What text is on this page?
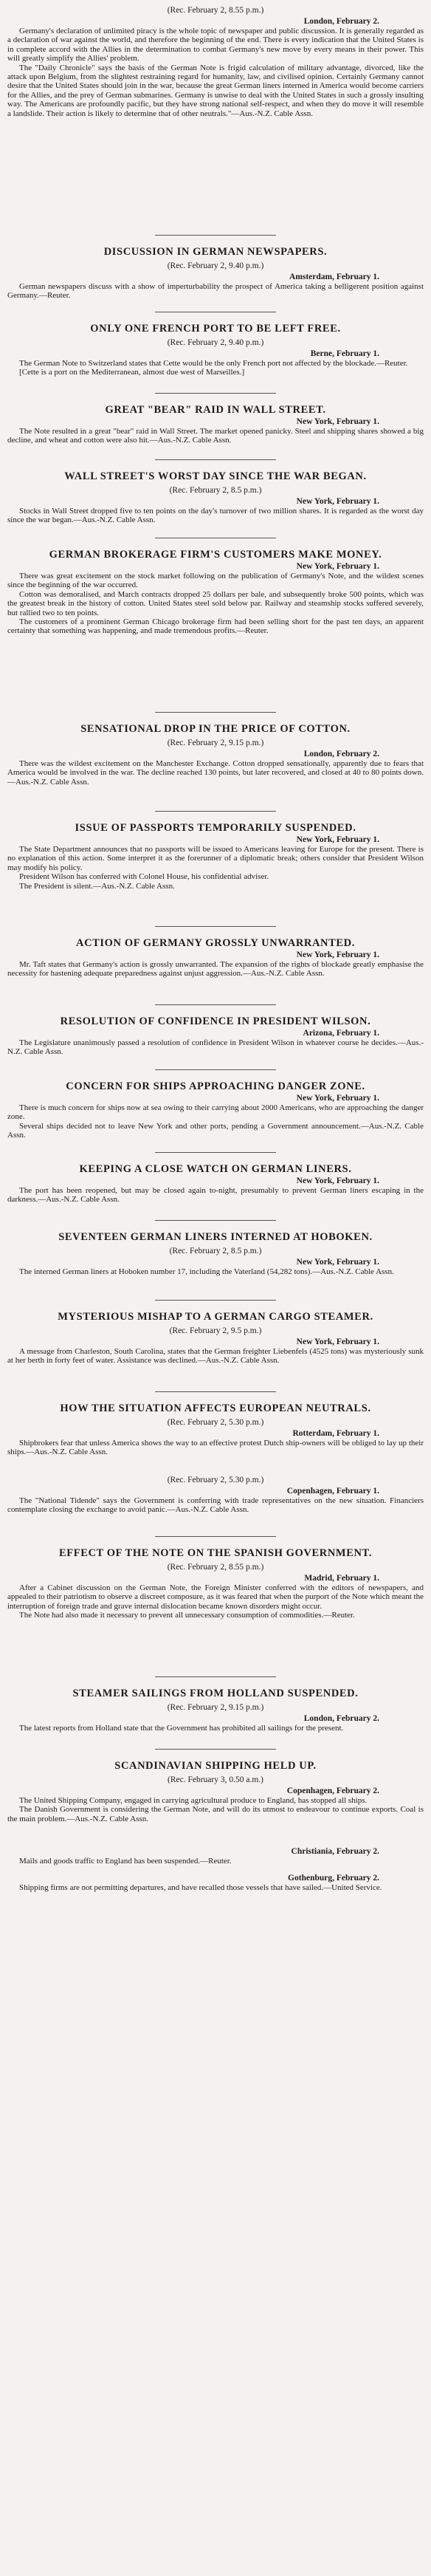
(Rec. February 2, 8.55 p.m.)

London, February 2.

Germany's declaration of unlimited piracy is the whole topic of newspaper and public discussion. It is generally regarded as a declaration of war against the world, and therefore the beginning of the end. There is every indication that the United States is in complete accord with the Allies in the determination to combat Germany's new move by every means in their power. This will greatly simplify the Allies' problem.

The "Daily Chronicle" says the basis of the German Note is frigid calculation of military advantage, divorced, like the attack upon Belgium, from the slightest restraining regard for humanity, law, and civilised opinion. Certainly Germany cannot desire that the United States should join in the war, because the great German liners interned in America would become carriers for the Allies, and the prey of German submarines. Germany is unwise to deal with the United States in such a grossly insulting way. The Americans are profoundly pacific, but they have strong national self-respect, and when they do move it will resemble a landslide. Their action is likely to determine that of other neutrals."—Aus.-N.Z. Cable Assn.

DISCUSSION IN GERMAN NEWSPAPERS.

(Rec. February 2, 9.40 p.m.)

Amsterdam, February 1.

German newspapers discuss with a show of imperturbability the prospect of America taking a belligerent position against Germany.—Reuter.

ONLY ONE FRENCH PORT TO BE LEFT FREE.

(Rec. February 2, 9.40 p.m.)

Berne, February 1.

The German Note to Switzerland states that Cette would be the only French port not affected by the blockade.—Reuter.

[Cette is a port on the Mediterranean, almost due west of Marseilles.]

GREAT "BEAR" RAID IN WALL STREET.

New York, February 1.

The Note resulted in a great "bear" raid in Wall Street. The market opened panicky. Steel and shipping shares showed a big decline, and wheat and cotton were also hit.—Aus.-N.Z. Cable Assn.

WALL STREET'S WORST DAY SINCE THE WAR BEGAN.

(Rec. February 2, 8.5 p.m.)

New York, February 1.

Stocks in Wall Street dropped five to ten points on the day's turnover of two million shares. It is regarded as the worst day since the war began.—Aus.-N.Z. Cable Assn.

GERMAN BROKERAGE FIRM'S CUSTOMERS MAKE MONEY.

New York, February 1.

There was great excitement on the stock market following on the publication of Germany's Note, and the wildest scenes since the beginning of the war occurred.

Cotton was demoralised, and March contracts dropped 25 dollars per bale, and subsequently broke 500 points, which was the greatest break in the history of cotton. United States steel sold below par. Railway and steamship stocks suffered severely, but rallied two to ten points.

The customers of a prominent German Chicago brokerage firm had been selling short for the past ten days, an apparent certainty that something was happening, and made tremendous profits.—Reuter.

SENSATIONAL DROP IN THE PRICE OF COTTON.

(Rec. February 2, 9.15 p.m.)

London, February 2.

There was the wildest excitement on the Manchester Exchange. Cotton dropped sensationally, apparently due to fears that America would be involved in the war. The decline reached 130 points, but later recovered, and closed at 40 to 80 points down.—Aus.-N.Z. Cable Assn.

ISSUE OF PASSPORTS TEMPORARILY SUSPENDED.

New York, February 1.

The State Department announces that no passports will be issued to Americans leaving for Europe for the present. There is no explanation of this action. Some interpret it as the forerunner of a diplomatic break; others consider that President Wilson may modify his policy.

President Wilson has conferred with Colonel House, his confidential adviser.

The President is silent.—Aus.-N.Z. Cable Assn.

ACTION OF GERMANY GROSSLY UNWARRANTED.

New York, February 1.

Mr. Taft states that Germany's action is grossly unwarranted. The expansion of the rights of blockade greatly emphasise the necessity for hastening adequate preparedness against unjust aggression.—Aus.-N.Z. Cable Assn.

RESOLUTION OF CONFIDENCE IN PRESIDENT WILSON.

Arizona, February 1.

The Legislature unanimously passed a resolution of confidence in President Wilson in whatever course he decides.—Aus.-N.Z. Cable Assn.

CONCERN FOR SHIPS APPROACHING DANGER ZONE.

New York, February 1.

There is much concern for ships now at sea owing to their carrying about 2000 Americans, who are approaching the danger zone.

Several ships decided not to leave New York and other ports, pending a Government announcement.—Aus.-N.Z. Cable Assn.

KEEPING A CLOSE WATCH ON GERMAN LINERS.

New York, February 1.

The port has been reopened, but may be closed again to-night, presumably to prevent German liners escaping in the darkness.—Aus.-N.Z. Cable Assn.

SEVENTEEN GERMAN LINERS INTERNED AT HOBOKEN.

(Rec. February 2, 8.5 p.m.)

New York, February 1.

The interned German liners at Hoboken number 17, including the Vaterland (54,282 tons).—Aus.-N.Z. Cable Assn.

MYSTERIOUS MISHAP TO A GERMAN CARGO STEAMER.

(Rec. February 2, 9.5 p.m.)

New York, February 1.

A message from Charleston, South Carolina, states that the German freighter Liebenfels (4525 tons) was mysteriously sunk at her berth in forty feet of water. Assistance was declined.—Aus.-N.Z. Cable Assn.

HOW THE SITUATION AFFECTS EUROPEAN NEUTRALS.

(Rec. February 2, 5.30 p.m.)

Rotterdam, February 1.

Shipbrokers fear that unless America shows the way to an effective protest Dutch ship-owners will be obliged to lay up their ships.—Aus.-N.Z. Cable Assn.

(Rec. February 2, 5.30 p.m.)

Copenhagen, February 1.

The "National Tidende" says the Government is conferring with trade representatives on the new situation. Financiers contemplate closing the exchange to avoid panic.—Aus.-N.Z. Cable Assn.

EFFECT OF THE NOTE ON THE SPANISH GOVERNMENT.

(Rec. February 2, 8.55 p.m.)

Madrid, February 1.

After a Cabinet discussion on the German Note, the Foreign Minister conferred with the editors of newspapers, and appealed to their patriotism to observe a discreet composure, as it was feared that when the purport of the Note which meant the interruption of foreign trade and grave internal dislocation became known disorders might occur.

The Note had also made it necessary to prevent all unnecessary consumption of commodities.—Reuter.

STEAMER SAILINGS FROM HOLLAND SUSPENDED.

(Rec. February 2, 9.15 p.m.)

London, February 2.

The latest reports from Holland state that the Government has prohibited all sailings for the present.

SCANDINAVIAN SHIPPING HELD UP.

(Rec. February 3, 0.50 a.m.)

Copenhagen, February 2.

The United Shipping Company, engaged in carrying agricultural produce to England, has stopped all ships.

The Danish Government is considering the German Note, and will do its utmost to endeavour to continue exports. Coal is the main problem.—Aus.-N.Z. Cable Assn.

Christiania, February 2.

Mails and goods traffic to England has been suspended.—Reuter.

Gothenburg, February 2.

Shipping firms are not permitting departures, and have recalled those vessels that have sailed.—United Service.
